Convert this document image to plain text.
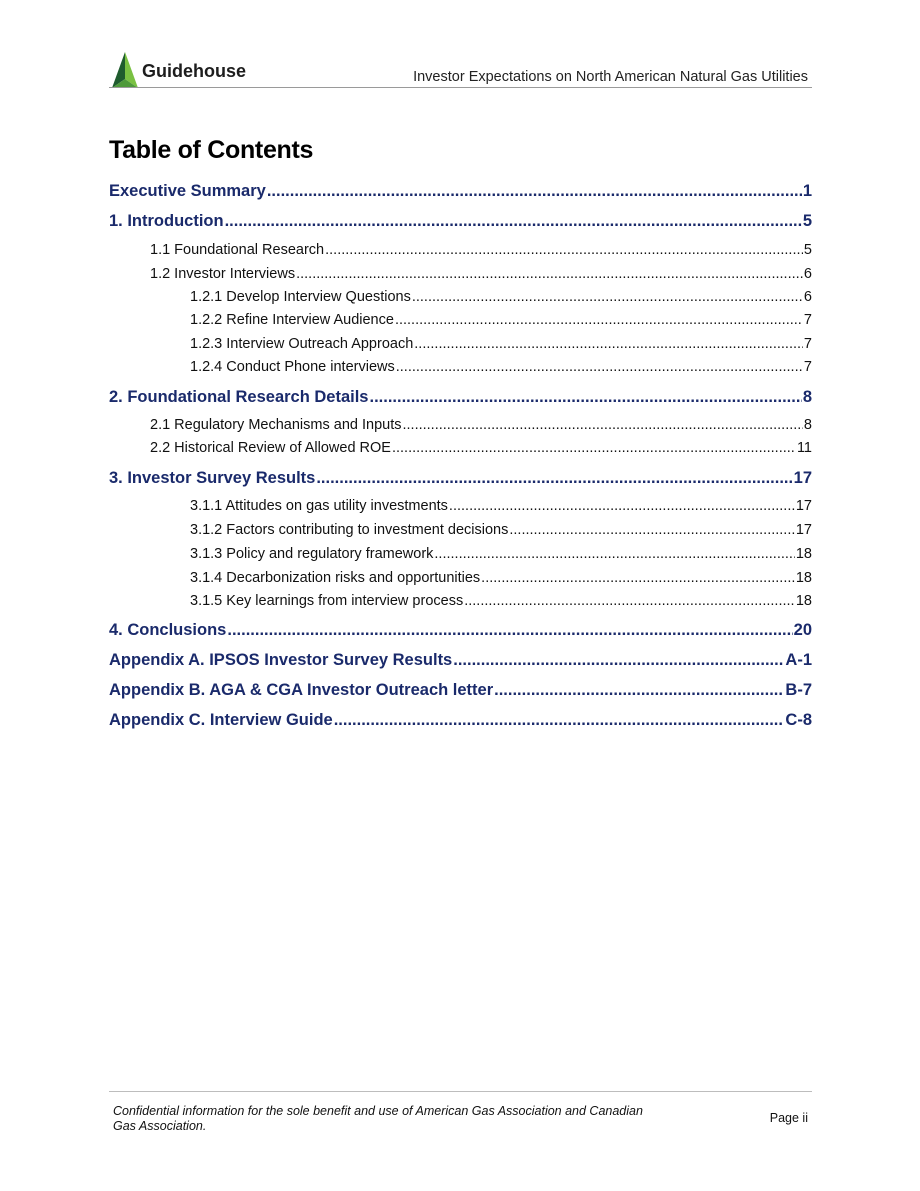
Guidehouse	Investor Expectations on North American Natural Gas Utilities
Table of Contents
Executive Summary .....	1
1. Introduction .....	5
1.1 Foundational Research .....	5
1.2 Investor Interviews .....	6
1.2.1 Develop Interview Questions .....	6
1.2.2 Refine Interview Audience .....	7
1.2.3 Interview Outreach Approach .....	7
1.2.4 Conduct Phone interviews .....	7
2. Foundational Research Details .....	8
2.1 Regulatory Mechanisms and Inputs .....	8
2.2 Historical Review of Allowed ROE .....	11
3. Investor Survey Results .....	17
3.1.1 Attitudes on gas utility investments .....	17
3.1.2 Factors contributing to investment decisions .....	17
3.1.3 Policy and regulatory framework .....	18
3.1.4 Decarbonization risks and opportunities .....	18
3.1.5 Key learnings from interview process .....	18
4. Conclusions .....	20
Appendix A. IPSOS Investor Survey Results .....	A-1
Appendix B. AGA & CGA Investor Outreach letter .....	B-7
Appendix C. Interview Guide .....	C-8
Confidential information for the sole benefit and use of American Gas Association and Canadian Gas Association.
Page ii
